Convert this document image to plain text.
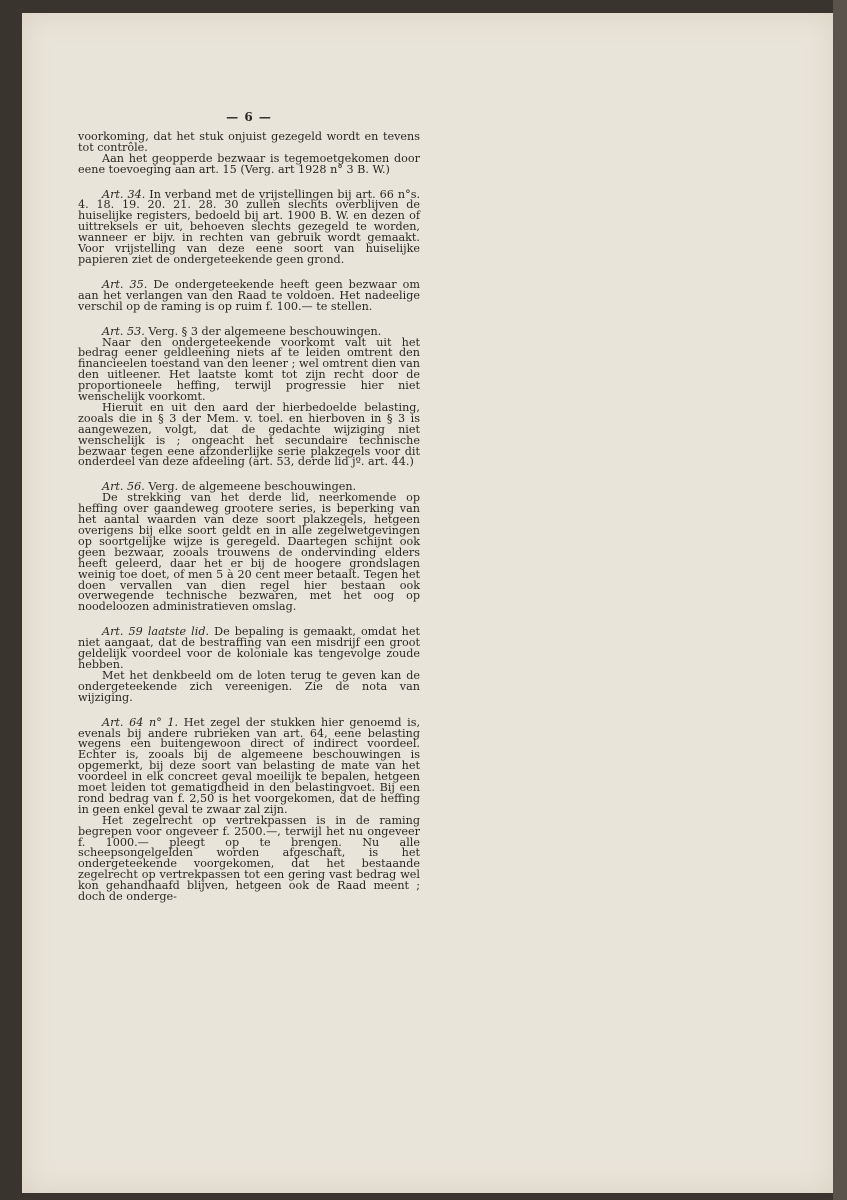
— 6 —

voorkoming, dat het stuk onjuist gezegeld wordt en tevens tot contrôle.

Aan het geopperde bezwaar is tegemoetgekomen door eene toevoeging aan art. 15 (Verg. art 1928 n° 3 B. W.)

Art. 34. In verband met de vrijstellingen bij art. 66 n°s. 4. 18. 19. 20. 21. 28. 30 zullen slechts overblijven de huiselijke registers, bedoeld bij art. 1900 B. W. en dezen of uittreksels er uit, behoeven slechts gezegeld te worden, wanneer er bijv. in rechten van gebruik wordt gemaakt. Voor vrijstelling van deze eene soort van huiselijke papieren ziet de ondergeteekende geen grond.

Art. 35. De ondergeteekende heeft geen bezwaar om aan het verlangen van den Raad te voldoen. Het nadeelige verschil op de raming is op ruim f. 100.— te stellen.

Art. 53. Verg. § 3 der algemeene beschouwingen.

Naar den ondergeteekende voorkomt valt uit het bedrag eener geldleening niets af te leiden omtrent den financieelen toestand van den leener ; wel omtrent dien van den uitleener. Het laatste komt tot zijn recht door de proportioneele heffing, terwijl progressie hier niet wenschelijk voorkomt.

Hieruit en uit den aard der hierbedoelde belasting, zooals die in § 3 der Mem. v. toel. en hierboven in § 3 is aangewezen, volgt, dat de gedachte wijziging niet wenschelijk is ; ongeacht het secundaire technische bezwaar tegen eene afzonderlijke serie plakzegels voor dit onderdeel van deze afdeeling (art. 53, derde lid jº. art. 44.)

Art. 56. Verg. de algemeene beschouwingen.

De strekking van het derde lid, neerkomende op heffing over gaandeweg grootere series, is beperking van het aantal waarden van deze soort plakzegels, hetgeen overigens bij elke soort geldt en in alle zegelwetgevingen op soortgelijke wijze is geregeld. Daartegen schijnt ook geen bezwaar, zooals trouwens de ondervinding elders heeft geleerd, daar het er bij de hoogere grondslagen weinig toe doet, of men 5 à 20 cent meer betaalt. Tegen het doen vervallen van dien regel hier bestaan ook overwegende technische bezwaren, met het oog op noodeloozen administratieven omslag.

Art. 59 laatste lid. De bepaling is gemaakt, omdat het niet aangaat, dat de bestraffing van een misdrijf een groot geldelijk voordeel voor de koloniale kas tengevolge zoude hebben.

Met het denkbeeld om de loten terug te geven kan de ondergeteekende zich vereenigen. Zie de nota van wijziging.

Art. 64 n° 1. Het zegel der stukken hier genoemd is, evenals bij andere rubrieken van art. 64, eene belasting wegens een buitengewoon direct of indirect voordeel. Echter is, zooals bij de algemeene beschouwingen is opgemerkt, bij deze soort van belasting de mate van het voordeel in elk concreet geval moeilijk te bepalen, hetgeen moet leiden tot gematigdheid in den belastingvoet. Bij een rond bedrag van f. 2,50 is het voorgekomen, dat de heffing in geen enkel geval te zwaar zal zijn.

Het zegelrecht op vertrekpassen is in de raming begrepen voor ongeveer f. 2500.—, terwijl het nu ongeveer f. 1000.— pleegt op te brengen. Nu alle scheepsongelgelden worden afgeschaft, is het ondergeteekende voorgekomen, dat het bestaande zegelrecht op vertrekpassen tot een gering vast bedrag wel kon gehandhaafd blijven, hetgeen ook de Raad meent ; doch de onderge-
